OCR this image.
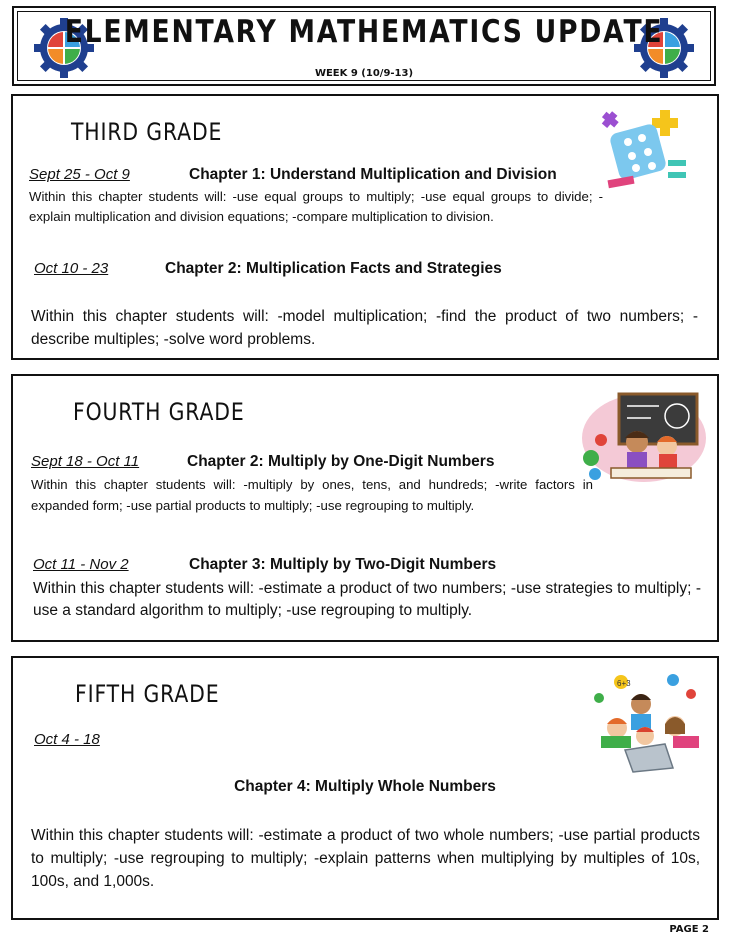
ELEMENTARY MATHEMATICS UPDATE
WEEK 9 (10/9-13)
THIRD GRADE
Sept 25 - Oct 9	Chapter 1: Understand Multiplication and Division
Within this chapter students will: -use equal groups to multiply; -use equal groups to divide; -explain multiplication and division equations; -compare multiplication to division.
Oct 10 - 23	Chapter 2: Multiplication Facts and Strategies
Within this chapter students will: -model multiplication; -find the product of two numbers; -describe multiples; -solve word problems.
FOURTH GRADE
Sept 18 - Oct 11	Chapter 2: Multiply by One-Digit Numbers
Within this chapter students will: -multiply by ones, tens, and hundreds; -write factors in expanded form; -use partial products to multiply; -use regrouping to multiply.
Oct 11 - Nov 2	Chapter 3: Multiply by Two-Digit Numbers
Within this chapter students will: -estimate a product of two numbers; -use strategies to multiply; -use a standard algorithm to multiply; -use regrouping to multiply.
FIFTH GRADE	6+3
Oct 4 - 18
Chapter 4: Multiply Whole Numbers
Within this chapter students will: -estimate a product of two whole numbers; -use partial products to multiply; -use regrouping to multiply; -explain patterns when multiplying by multiples of 10s, 100s, and 1,000s.
PAGE 2
